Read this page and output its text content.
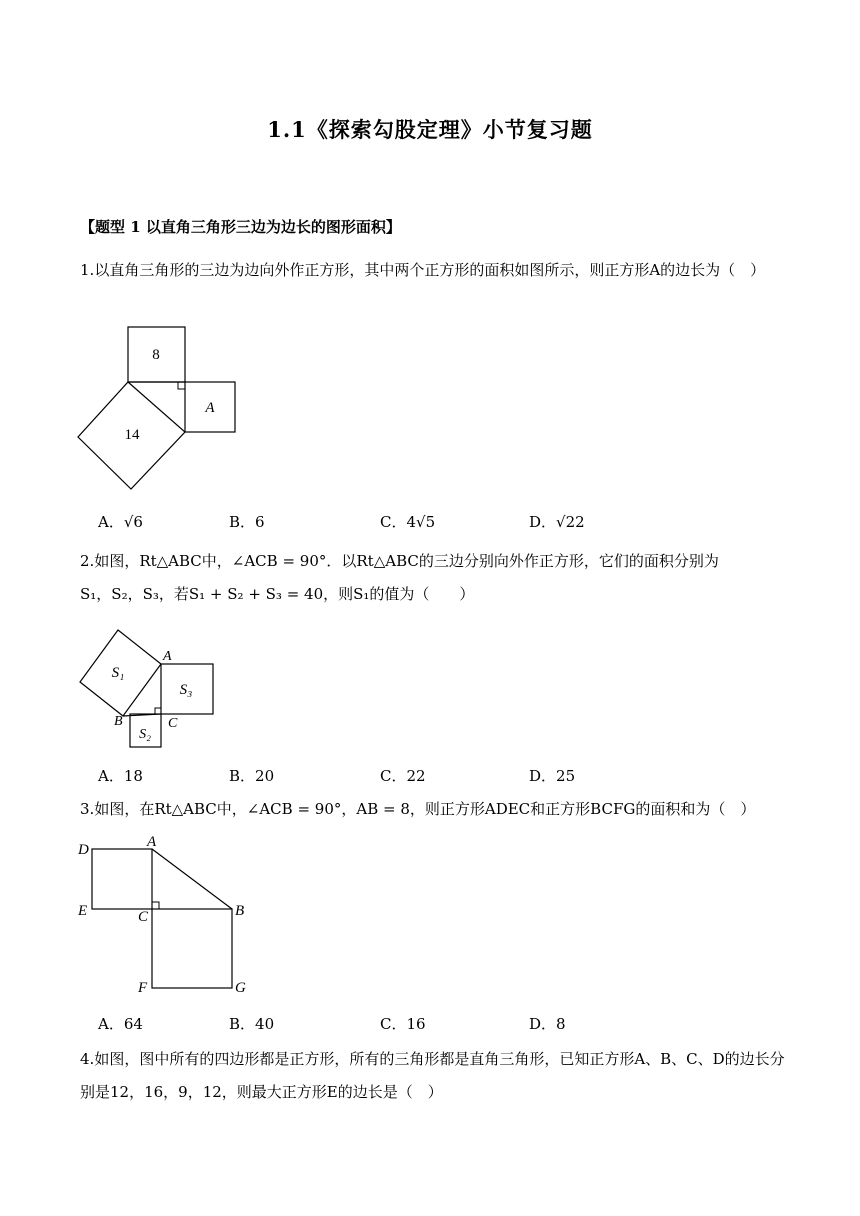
1.1《探索勾股定理》小节复习题
【题型 1 以直角三角形三边为边长的图形面积】
1.以直角三角形的三边为边向外作正方形，其中两个正方形的面积如图所示，则正方形A的边长为（　）
8
A
14
A．√6	B．6	C．4√5	D．√22
2.如图，Rt△ABC中，∠ACB = 90°．以Rt△ABC的三边分别向外作正方形，它们的面积分别为
S₁，S₂，S₃，若S₁ + S₂ + S₃ = 40，则S₁的值为（　　）
S₁
S₃
S₂
A
B	C
A．18	B．20	C．22	D．25
3.如图，在Rt△ABC中，∠ACB = 90°，AB = 8，则正方形ADEC和正方形BCFG的面积和为（　）
D	A
E	C	B
F	G
A．64	B．40	C．16	D．8
4.如图，图中所有的四边形都是正方形，所有的三角形都是直角三角形，已知正方形A、B、C、D的边长分别是12，16，9，12，则最大正方形E的边长是（　）
